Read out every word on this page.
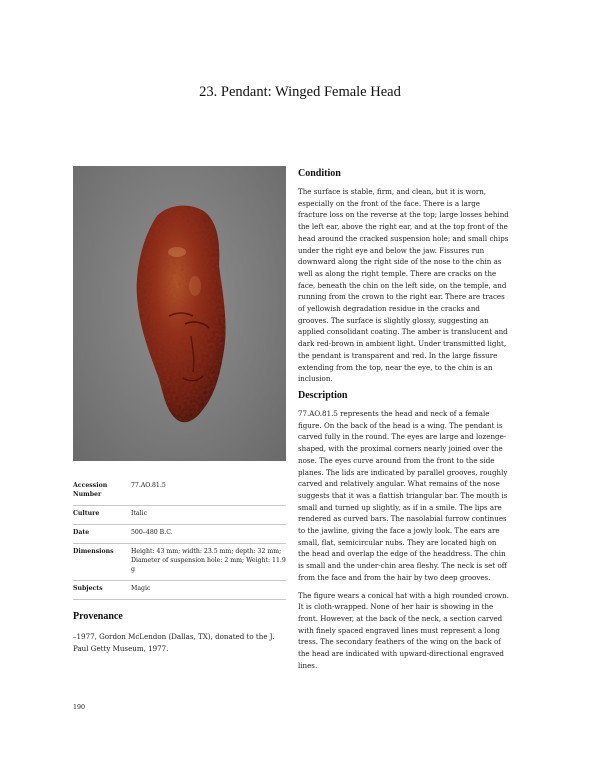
23. Pendant: Winged Female Head
Accession Number	77.AO.81.5
Culture	Italic
Date	500–480 B.C.
Dimensions	Height: 43 mm; width: 23.5 mm; depth: 32 mm; Diameter of suspension hole: 2 mm; Weight: 11.9 g
Subjects	Magic
Provenance

–1977, Gordon McLendon (Dallas, TX), donated to the J. Paul Getty Museum, 1977.

Condition

The surface is stable, firm, and clean, but it is worn, especially on the front of the face. There is a large fracture loss on the reverse at the top; large losses behind the left ear, above the right ear, and at the top front of the head around the cracked suspension hole; and small chips under the right eye and below the jaw. Fissures run downward along the right side of the nose to the chin as well as along the right temple. There are cracks on the face, beneath the chin on the left side, on the temple, and running from the crown to the right ear. There are traces of yellowish degradation residue in the cracks and grooves. The surface is slightly glossy, suggesting an applied consolidant coating. The amber is translucent and dark red-brown in ambient light. Under transmitted light, the pendant is transparent and red. In the large fissure extending from the top, near the eye, to the chin is an inclusion.

Description

77.AO.81.5 represents the head and neck of a female figure. On the back of the head is a wing. The pendant is carved fully in the round. The eyes are large and lozenge-shaped, with the proximal corners nearly joined over the nose. The eyes curve around from the front to the side planes. The lids are indicated by parallel grooves, roughly carved and relatively angular. What remains of the nose suggests that it was a flattish triangular bar. The mouth is small and turned up slightly, as if in a smile. The lips are rendered as curved bars. The nasolabial furrow continues to the jawline, giving the face a jowly look. The ears are small, flat, semicircular nubs. They are located high on the head and overlap the edge of the headdress. The chin is small and the under-chin area fleshy. The neck is set off from the face and from the hair by two deep grooves.

The figure wears a conical hat with a high rounded crown. It is cloth-wrapped. None of her hair is showing in the front. However, at the back of the neck, a section carved with finely spaced engraved lines must represent a long tress. The secondary feathers of the wing on the back of the head are indicated with upward-directional engraved lines.

190
